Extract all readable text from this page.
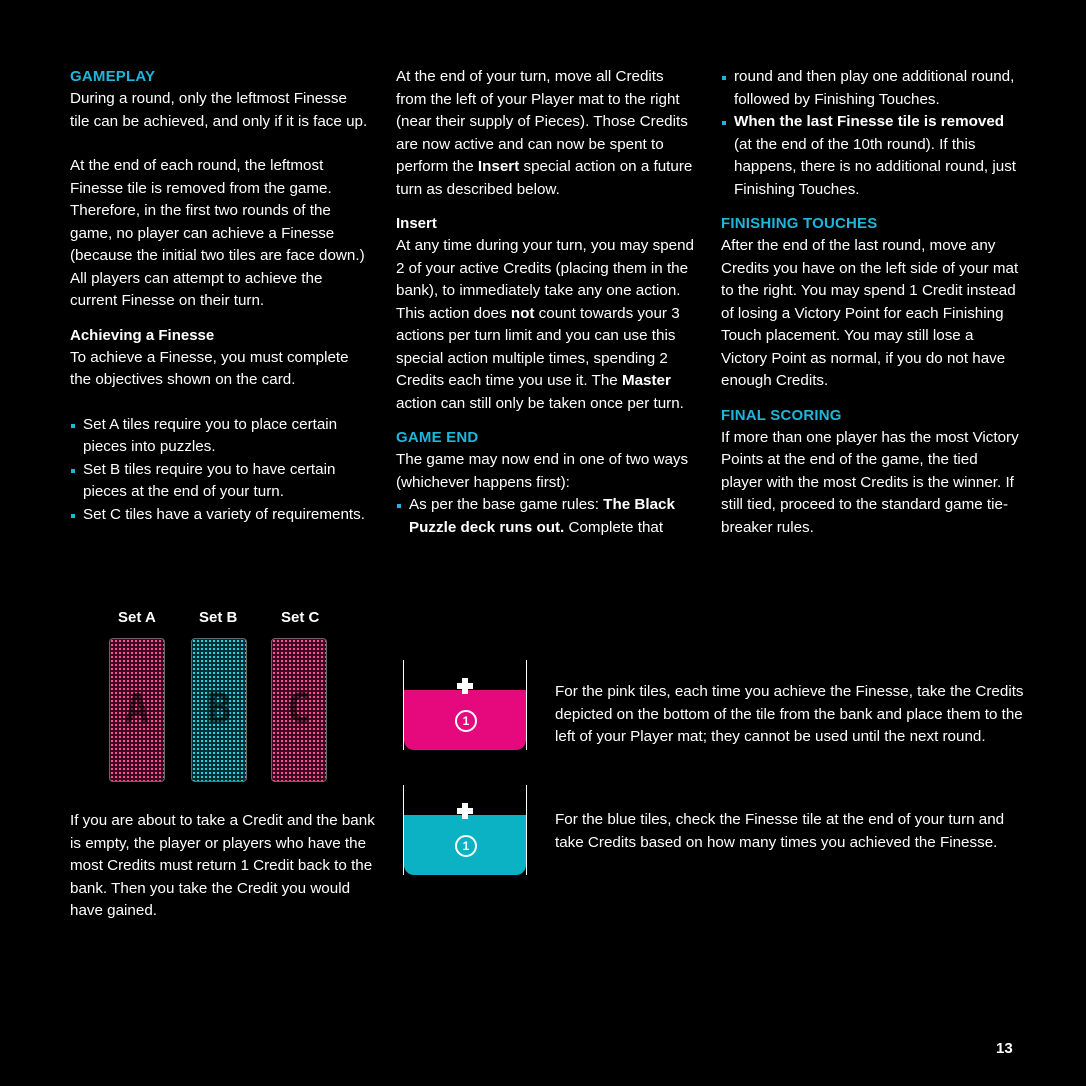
GAMEPLAY

During a round, only the leftmost Finesse tile can be achieved, and only if it is face up.

At the end of each round, the leftmost Finesse tile is removed from the game. Therefore, in the first two rounds of the game, no player can achieve a Finesse (because the initial two tiles are face down.)

All players can attempt to achieve the current Finesse on their turn.

Achieving a Finesse

To achieve a Finesse, you must complete the objectives shown on the card.

Set A tiles require you to place certain pieces into puzzles.
Set B tiles require you to have certain pieces at the end of your turn.
Set C tiles have a variety of requirements.
Set A	Set B	Set C
A	B	C

If you are about to take a Credit and the bank is empty, the player or players who have the most Credits must return 1 Credit back to the bank. Then you take the Credit you would have gained.

At the end of your turn, move all Credits from the left of your Player mat to the right (near their supply of Pieces). Those Credits are now active and can now be spent to perform the Insert special action on a future turn as described below.

Insert

At any time during your turn, you may spend 2 of your active Credits (placing them in the bank), to immediately take any one action. This action does not count towards your 3 actions per turn limit and you can use this special action multiple times, spending 2 Credits each time you use it. The Master action can still only be taken once per turn.

GAME END

The game may now end in one of two ways (whichever happens first):

As per the base game rules: The Black Puzzle deck runs out. Complete that
round and then play one additional round, followed by Finishing Touches.
When the last Finesse tile is removed (at the end of the 10th round). If this happens, there is no additional round, just Finishing Touches.
FINISHING TOUCHES

After the end of the last round, move any Credits you have on the left side of your mat to the right. You may spend 1 Credit instead of losing a Victory Point for each Finishing Touch placement. You may still lose a Victory Point as normal, if you do not have enough Credits.

FINAL SCORING

If more than one player has the most Victory Points at the end of the game, the tied player with the most Credits is the winner. If still tied, proceed to the standard game tie-breaker rules.

1

For the pink tiles, each time you achieve the Finesse, take the Credits depicted on the bottom of the tile from the bank and place them to the left of your Player mat; they cannot be used until the next round.

1

For the blue tiles, check the Finesse tile at the end of your turn and take Credits based on how many times you achieved the Finesse.

13
